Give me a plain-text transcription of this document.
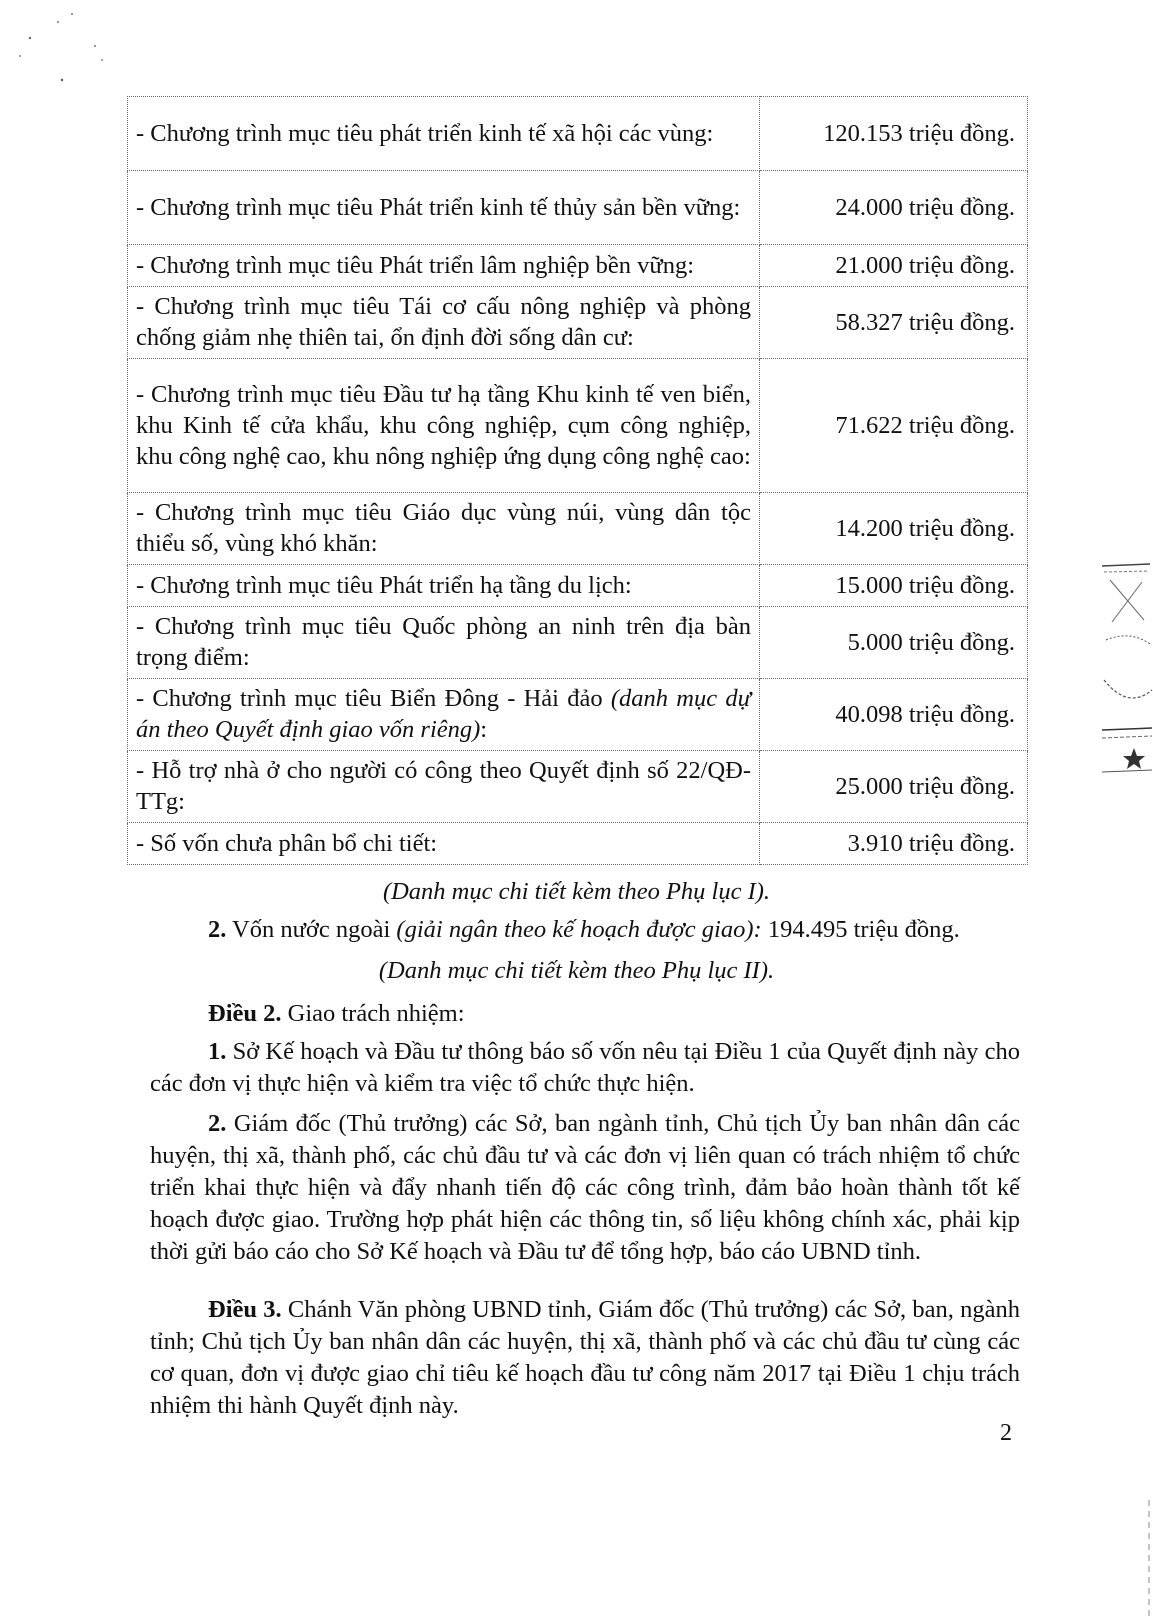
- Chương trình mục tiêu phát triển kinh tế xã hội các vùng:	120.153 triệu đồng.
- Chương trình mục tiêu Phát triển kinh tế thủy sản bền vững:	24.000 triệu đồng.
- Chương trình mục tiêu Phát triển lâm nghiệp bền vững:	21.000 triệu đồng.
- Chương trình mục tiêu Tái cơ cấu nông nghiệp và phòng chống giảm nhẹ thiên tai, ổn định đời sống dân cư:	58.327 triệu đồng.
- Chương trình mục tiêu Đầu tư hạ tầng Khu kinh tế ven biển, khu Kinh tế cửa khẩu, khu công nghiệp, cụm công nghiệp, khu công nghệ cao, khu nông nghiệp ứng dụng công nghệ cao:	71.622 triệu đồng.
- Chương trình mục tiêu Giáo dục vùng núi, vùng dân tộc thiểu số, vùng khó khăn:	14.200 triệu đồng.
- Chương trình mục tiêu Phát triển hạ tầng du lịch:	15.000 triệu đồng.
- Chương trình mục tiêu Quốc phòng an ninh trên địa bàn trọng điểm:	5.000 triệu đồng.
- Chương trình mục tiêu Biển Đông - Hải đảo (danh mục dự án theo Quyết định giao vốn riêng):	40.098 triệu đồng.
- Hỗ trợ nhà ở cho người có công theo Quyết định số 22/QĐ-TTg:	25.000 triệu đồng.
- Số vốn chưa phân bổ chi tiết:	3.910 triệu đồng.
(Danh mục chi tiết kèm theo Phụ lục I).
2. Vốn nước ngoài (giải ngân theo kế hoạch được giao): 194.495 triệu đồng.
(Danh mục chi tiết kèm theo Phụ lục II).
Điều 2. Giao trách nhiệm:
1. Sở Kế hoạch và Đầu tư thông báo số vốn nêu tại Điều 1 của Quyết định này cho các đơn vị thực hiện và kiểm tra việc tổ chức thực hiện.
2. Giám đốc (Thủ trưởng) các Sở, ban ngành tỉnh, Chủ tịch Ủy ban nhân dân các huyện, thị xã, thành phố, các chủ đầu tư và các đơn vị liên quan có trách nhiệm tổ chức triển khai thực hiện và đẩy nhanh tiến độ các công trình, đảm bảo hoàn thành tốt kế hoạch được giao. Trường hợp phát hiện các thông tin, số liệu không chính xác, phải kịp thời gửi báo cáo cho Sở Kế hoạch và Đầu tư để tổng hợp, báo cáo UBND tỉnh.
Điều 3. Chánh Văn phòng UBND tỉnh, Giám đốc (Thủ trưởng) các Sở, ban, ngành tỉnh; Chủ tịch Ủy ban nhân dân các huyện, thị xã, thành phố và các chủ đầu tư cùng các cơ quan, đơn vị được giao chỉ tiêu kế hoạch đầu tư công năm 2017 tại Điều 1 chịu trách nhiệm thi hành Quyết định này.
2
